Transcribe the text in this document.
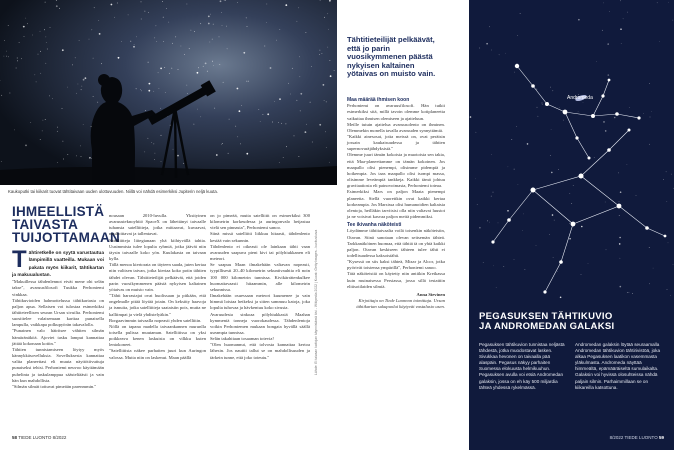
Kaukoputki tai kiikarit tuovat tähtitaivaan uuden ulottuvuuden. Niillä voi nähdä esimerkiksi Jupiterin neljä kuuta.
IHMEELLISTÄ TAIVASTA TUIJOTTAMAAN
T ähtiretkelle on syytä varustautua lämpimillä vaatteilla. Mukaan voi pakata myös kiikarit, tähtikartan ja makuualustan.

"Makuillessa tähdenlennot eivät mene ohi selän takse", avaruusfilosofi Tuukka Perhoniemi vinkkaa.

Tähtikuvioiden hahmottelussa tähtikartasta on paljon apua. Sellaisen voi tulostaa esimerkiksi tähtiteteellisen seuran Ursan sivuilta. Perhoniemi suosittelee valaisemaan karttaa punaisella lampulla, vaikkapa polkupyörän takavalolla.

"Punainen valo häiritsee vähiten silmän hämäränäköä. Ajoviet tasku lamput kannattaa jättää kokonaan kotiin."

Tähtien tunnistamiseen löytyy myös kännykkäsovelluksia. Sovelluksesta kannattaa valita planeettasi eli muuta näyttötiivuttuja punaiseksi tehisi. Perhoniemi neuvoo käyttämään puhelinta ja taskulamppua säästeliäästi ja vain hän kun mahdollista.

"Silmän silmät tottuvat pimeään parenmmin."

nousaan 2010-luvulla. Yksityinen avaruusteknoyhtiö SpaceX on lähettänyt taivaalle tuhansia satelliitteja, jotka mittaavat, kuvaavat, naulioittavat ja tallentavat.

Satelliitteja liitegianaan yhä kiihtyvällä tahtia. Uusimmista tulee lopulta ryhmiä, jotka jäävät niin täysin taivaalle koko yön. Kuulakasta on taivaan kylla.

Tällä menoa kiertorata on täyteen saada, juten kertaa niin valitsen taivan, jotka kiertaa koko potin tähtien tähdet olevan. Tähtitieteilijät pelkäävät, että joiden parin vuosikymmenen päästä nykyisen kaltainen yötaivas on muisto vain.

"Tähti harrastajat ovat huolissaan ja pitkään, että ongelmalle pitää löytää jotain. On keksitty haavoja ja ismuita, jotka satelliitteja saataisiin pois, mutta ne kalliimpat ja vielä yhdistelyäkin."

Borgaavimmin taivaalla nopeasti yhden satelliitin.

Nöllä on tapana madella taivaankannen murunlla toisella pulissa muutaman. Satelliitissa on yksi poikkeava kenen laskuista on vilkku kuten lentokoneet.

"Satelliitista näkee parhaiten juuri kun Auringon valossa. Mutta niin on laskenut. Maan päällä

on jo pimeää, mutta satelliitit on esimerkiksi 300 kilometrin korkeudessa ja auringonvalo heijastua vielä sen pinnasta", Perhoniemi sanoo.

Siinä missä satelliitti liikkuu hitaasti, tähdenlento kestää vain sekunnin.

Tähdenlento ei oikeasti ole lainkaan tähti vaan avaruuden saapuva pieni kivi tai pölyhiukkanen eli meteori.

Se saapuu Maan ilmakehään valtavan nopeasti, tyypillisesti 20–40 kilometrin sekuntivauhtia eli noin 100 000 kilometrin tunnissa. Kivikärrätenkulkee huomattavaasti hitaammin, alle kilometrin sekunnissa.

Ilmakehään osuessaan meteori kuumenee ja vain himmä loistaa hetkeksi ja sitten sammuu katoja, joka lopulta tuhovaa ja hävkentuu koko sivusta.

Avaruudesta sinkoaa pölyhiukkasiä Maahan kymmeniä tonneja vuorokaudessa. Tähdenlentoja voikin Perhoniemen mukaan bongata hyvällä säällä useampia tunnissa.

Selän takahitaan tosaaman totevia!

"Olen huomannut, että tolvosta kannattaa kertoa lähesin. Jos nauttii tallut se on mahdollisuuden ja tärkein tunne, että joko toteutu."	Lähde: Ei taivaan kattojan käynnistämä kivi - Wikipedia 2022 | Kuvat: Getty Images - kuvituskuva
58 TIEDE LUONTO 8/2022
Tähtitieteilijät pelkäävät, että jo parin vuosikymmenen päästä nykyisen kaltainen yötaivas on muisto vain.
Maa määrää ihmisen koon

Perhoniemi on avaruusfilosofi. Hän tutkii esimerkiksi sitä, millä tavoin olemme kotiplaneetta vaikuttaa ihmisen olemiseen ja ajatteluun.

Meille tutuin ajattelua avaruusolento on ihminen. Olemmekin monella tavalla avaruuden synnyttämiä.

"Kaikki ainesosat, jotta meissä on, ovat peräisin jossain kaukaisuudessa ja tähtien supernovaräjähdyksistä."

Olemme juuri tämän kokoisia ja muotoisia sen takia, että Maa-planeettamme on tämän kokoinen. Jos maapallo olisi pienempi, olisimme pidempiä ja hoikempia. Jos taas maapallo olisi isompi massa, olisimme leveämpiä tankkeja. Kaikki tämä johtuu gravitaatiosta eli painovoimasta, Perhoniemi toteaa.

Esimerkiksi Mars on paljon Maata pienempi planeetta. Siellä vuorettkin ovat kaikki kertaa korkeampia. Jos Marsissa olisi humanoidien kaltaisia olentoja, heilläkin tarvitsisi olla niin valtavat luustot ja ne voisivat kasvaa paljon meitä pidemmiksi.

Tee ikivanha näköteisti

Löydämme tähtitaivaalta voilä toisenkin näköteistin, Otavan. Siinä sanotaan olevan seitsemän tähteä. Tarkkanäköinen huomaa, että tähtiä tä on yhtä kaikki paljon. Otavan keskiseen tähteen tulee tähti ei todellisuudessa kaksoistähti.

"Kysessä on siis kaksi tähteä, Mizar ja Alcor, jotka pyörivät toistensa ympärillä", Perhoniemi sanoo.

Tätä näköteistiä on käytetty niin antiikin Kreikassa kuin muinaisessa Persiassa, jossa sillä testattiin elitisotilaiden silmiä.

Anna Sievinen

Kirjoittaja on Tiede Luonnon toimittaja. Ursan tähtikartan sukupuolui käytyvät vastalusio usen.

Andromeda
PEGASUKSEN TÄHTIKUVIO JA ANDROMEDAN GALAKSI
Pegasuksen tähtikuvion tunnistaa neljästä tähdestä, jotka muodostavat lasken. Sivukkaa hevonen on taivaalla pää alaspäin. Pegasus näkyy parhaiten Suomessa elokuusta helmikuuhun.
Pegasuksen avulla voi etsiä Andromedan galaksin, jossa on eh käy 500 miljardia tähteä yhdessä rykelmässä.
Andromedan galaksin löytää seuraamalla Andromedan tähtikuvion tähtirivistöä, joka alkaa Pegasuksen laatikon vasemmasta yläkulmasta. Andromeda näyttää himmeältä, epämääräiseltä sumulaikalta. Galaksin voi hyvissä olosuhteissa nähdä paljain silmin. Parhaimmillaan se on kiikareilla katsottuna.
8/2022 TIEDE LUONTO 59
